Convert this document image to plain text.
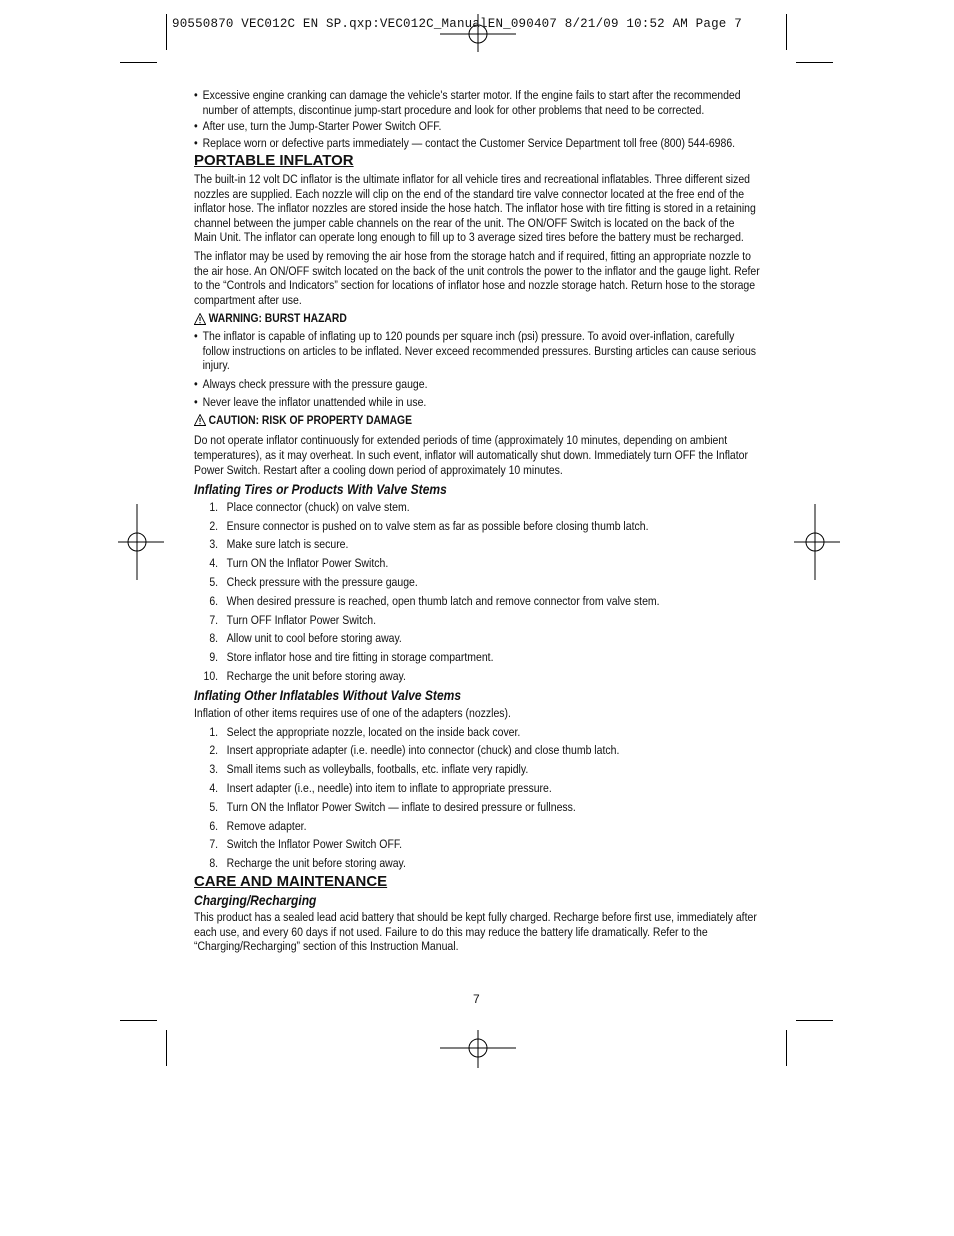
90550870 VEC012C EN SP.qxp:VEC012C_ManualEN_090407 8/21/09 10:52 AM Page 7
• Excessive engine cranking can damage the vehicle's starter motor. If the engine fails to start after the recommended number of attempts, discontinue jump-start procedure and look for other problems that need to be corrected.
• After use, turn the Jump-Starter Power Switch OFF.
• Replace worn or defective parts immediately — contact the Customer Service Department toll free (800) 544-6986.
PORTABLE INFLATOR

The built-in 12 volt DC inflator is the ultimate inflator for all vehicle tires and recreational inflatables. Three different sized nozzles are supplied. Each nozzle will clip on the end of the standard tire valve connector located at the free end of the inflator hose. The inflator nozzles are stored inside the hose hatch. The inflator hose with tire fitting is stored in a retaining channel between the jumper cable channels on the rear of the unit. The ON/OFF Switch is located on the back of the Main Unit. The inflator can operate long enough to fill up to 3 average sized tires before the battery must be recharged.

The inflator may be used by removing the air hose from the storage hatch and if required, fitting an appropriate nozzle to the air hose. An ON/OFF switch located on the back of the unit controls the power to the inflator and the gauge light. Refer to the “Controls and Indicators” section for locations of inflator hose and nozzle storage hatch. Return hose to the storage compartment after use.

WARNING: BURST HAZARD
• The inflator is capable of inflating up to 120 pounds per square inch (psi) pressure. To avoid over-inflation, carefully follow instructions on articles to be inflated. Never exceed recommended pressures. Bursting articles can cause serious injury.
• Always check pressure with the pressure gauge.
• Never leave the inflator unattended while in use.
CAUTION: RISK OF PROPERTY DAMAGE

Do not operate inflator continuously for extended periods of time (approximately 10 minutes, depending on ambient temperatures), as it may overheat. In such event, inflator will automatically shut down. Immediately turn OFF the Inflator Power Switch. Restart after a cooling down period of approximately 10 minutes.

Inflating Tires or Products With Valve Stems
1. Place connector (chuck) on valve stem.
2. Ensure connector is pushed on to valve stem as far as possible before closing thumb latch.
3. Make sure latch is secure.
4. Turn ON the Inflator Power Switch.
5. Check pressure with the pressure gauge.
6. When desired pressure is reached, open thumb latch and remove connector from valve stem.
7. Turn OFF Inflator Power Switch.
8. Allow unit to cool before storing away.
9. Store inflator hose and tire fitting in storage compartment.
10. Recharge the unit before storing away.
Inflating Other Inflatables Without Valve Stems

Inflation of other items requires use of one of the adapters (nozzles).

1. Select the appropriate nozzle, located on the inside back cover.
2. Insert appropriate adapter (i.e. needle) into connector (chuck) and close thumb latch.
3. Small items such as volleyballs, footballs, etc. inflate very rapidly.
4. Insert adapter (i.e., needle) into item to inflate to appropriate pressure.
5. Turn ON the Inflator Power Switch — inflate to desired pressure or fullness.
6. Remove adapter.
7. Switch the Inflator Power Switch OFF.
8. Recharge the unit before storing away.
CARE AND MAINTENANCE
Charging/Recharging

This product has a sealed lead acid battery that should be kept fully charged. Recharge before first use, immediately after each use, and every 60 days if not used. Failure to do this may reduce the battery life dramatically. Refer to the “Charging/Recharging” section of this Instruction Manual.

7
